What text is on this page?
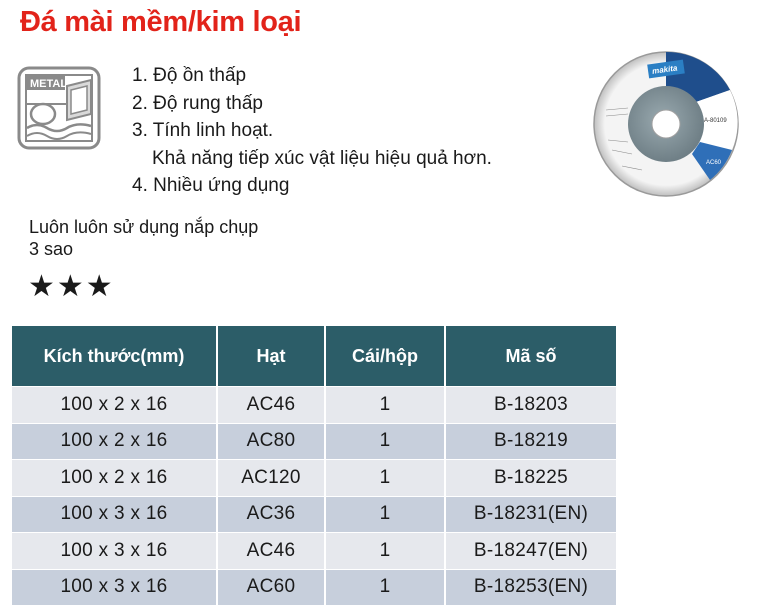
Đá mài mềm/kim loại
METAL	1. Độ ồn thấp
2. Độ rung thấp
3. Tính linh hoạt.
Khả năng tiếp xúc vật liệu hiệu quả hơn.
4. Nhiều ứng dụng
Luôn luôn sử dụng nắp chụp
3 sao
★★★
makita
A-80109
AC60
Kích thước(mm)	Hạt	Cái/hộp	Mã số
100 x 2 x 16	AC46	1	B-18203
100 x 2 x 16	AC80	1	B-18219
100 x 2 x 16	AC120	1	B-18225
100 x 3 x 16	AC36	1	B-18231(EN)
100 x 3 x 16	AC46	1	B-18247(EN)
100 x 3 x 16	AC60	1	B-18253(EN)
